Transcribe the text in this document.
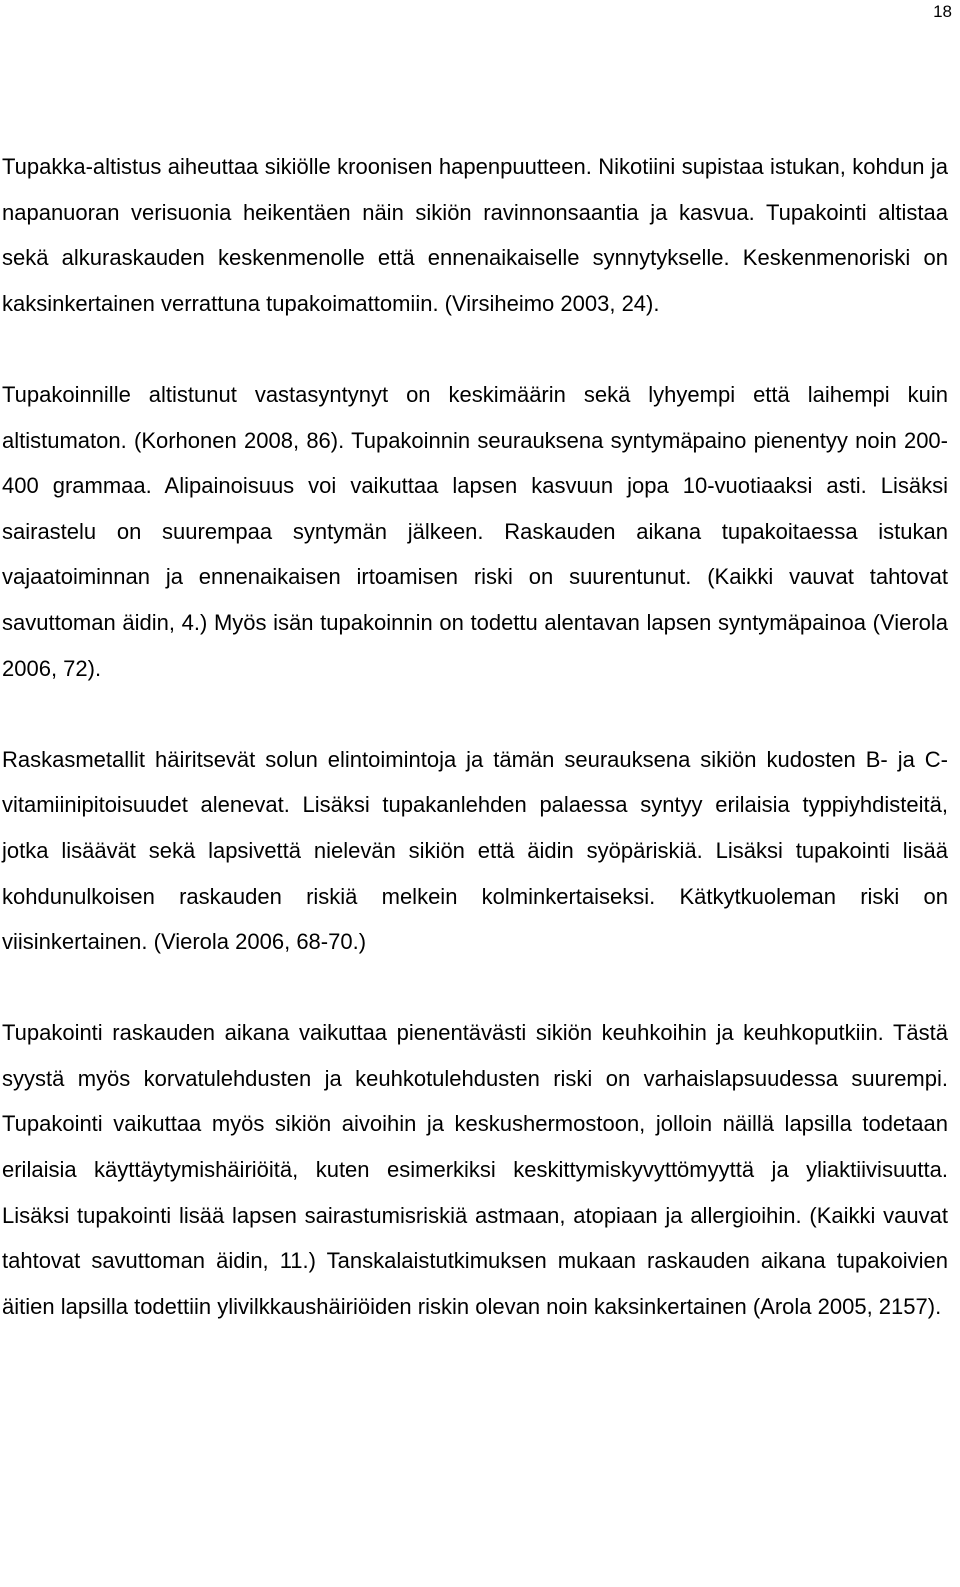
18

Tupakka-altistus aiheuttaa sikiölle kroonisen hapenpuutteen. Nikotiini supistaa istukan, kohdun ja napanuoran verisuonia heikentäen näin sikiön ravinnonsaantia ja kasvua. Tupakointi altistaa sekä alkuraskauden keskenmenolle että ennenaikaiselle synnytykselle. Keskenmenoriski on kaksinkertainen verrattuna tupakoimattomiin. (Virsiheimo 2003, 24).

Tupakoinnille altistunut vastasyntynyt on keskimäärin sekä lyhyempi että laihempi kuin altistumaton. (Korhonen 2008, 86). Tupakoinnin seurauksena syntymäpaino pienentyy noin 200-400 grammaa. Alipainoisuus voi vaikuttaa lapsen kasvuun jopa 10-vuotiaaksi asti. Lisäksi sairastelu on suurempaa syntymän jälkeen. Raskauden aikana tupakoitaessa istukan vajaatoiminnan ja ennenaikaisen irtoamisen riski on suurentunut. (Kaikki vauvat tahtovat savuttoman äidin, 4.) Myös isän tupakoinnin on todettu alentavan lapsen syntymäpainoa (Vierola 2006, 72).

Raskasmetallit häiritsevät solun elintoimintoja ja tämän seurauksena sikiön kudosten B- ja C-vitamiinipitoisuudet alenevat. Lisäksi tupakanlehden palaessa syntyy erilaisia typpiyhdisteitä, jotka lisäävät sekä lapsivettä nielevän sikiön että äidin syöpäriskiä. Lisäksi tupakointi lisää kohdunulkoisen raskauden riskiä melkein kolminkertaiseksi. Kätkytkuoleman riski on viisinkertainen. (Vierola 2006, 68-70.)

Tupakointi raskauden aikana vaikuttaa pienentävästi sikiön keuhkoihin ja keuhkoputkiin. Tästä syystä myös korvatulehdusten ja keuhkotulehdusten riski on varhaislapsuudessa suurempi. Tupakointi vaikuttaa myös sikiön aivoihin ja keskushermostoon, jolloin näillä lapsilla todetaan erilaisia käyttäytymishäiriöitä, kuten esimerkiksi keskittymiskyvyttömyyttä ja yliaktiivisuutta. Lisäksi tupakointi lisää lapsen sairastumisriskiä astmaan, atopiaan ja allergioihin. (Kaikki vauvat tahtovat savuttoman äidin, 11.) Tanskalaistutkimuksen mukaan raskauden aikana tupakoivien äitien lapsilla todettiin ylivilkkaushäiriöiden riskin olevan noin kaksinkertainen (Arola 2005, 2157).
